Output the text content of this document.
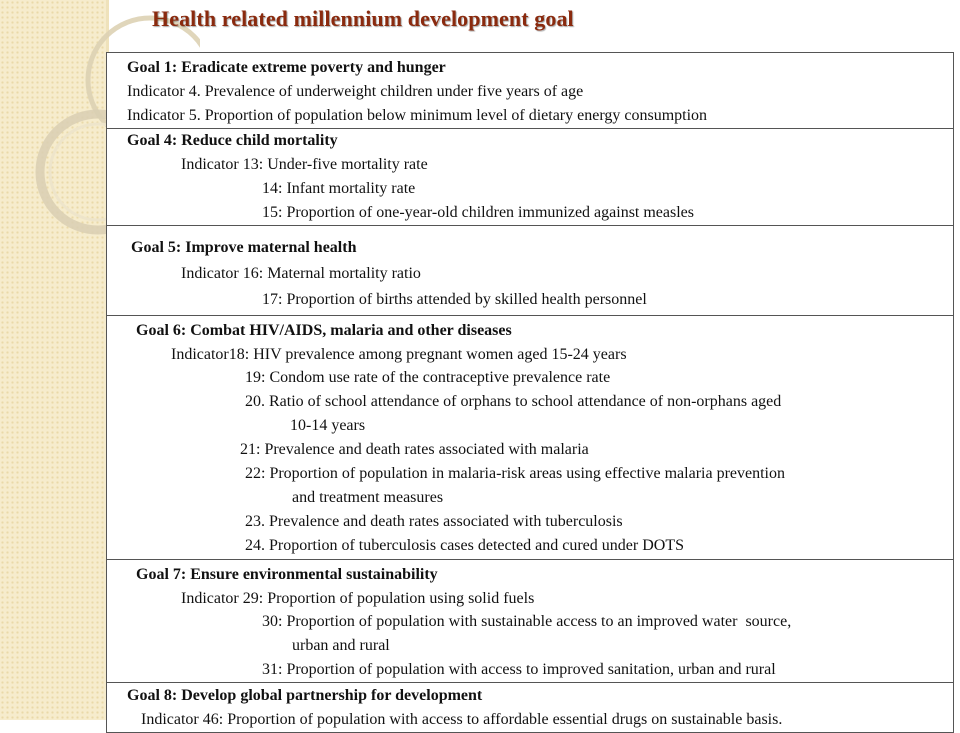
Health related millennium development goal
Goal 1: Eradicate extreme poverty and hunger
Indicator 4. Prevalence of underweight children under five years of age
Indicator 5. Proportion of population below minimum level of dietary energy consumption

Goal 4: Reduce child mortality
Indicator 13: Under-five mortality rate
14: Infant mortality rate
15: Proportion of one-year-old children immunized against measles

Goal 5: Improve maternal health
Indicator 16: Maternal mortality ratio
17: Proportion of births attended by skilled health personnel

Goal 6: Combat HIV/AIDS, malaria and other diseases
Indicator18: HIV prevalence among pregnant women aged 15-24 years
19: Condom use rate of the contraceptive prevalence rate
20. Ratio of school attendance of orphans to school attendance of non-orphans aged
10-14 years
21: Prevalence and death rates associated with malaria
22: Proportion of population in malaria-risk areas using effective malaria prevention
and treatment measures
23. Prevalence and death rates associated with tuberculosis
24. Proportion of tuberculosis cases detected and cured under DOTS

Goal 7: Ensure environmental sustainability
Indicator 29: Proportion of population using solid fuels
30: Proportion of population with sustainable access to an improved water  source,
urban and rural
31: Proportion of population with access to improved sanitation, urban and rural

Goal 8: Develop global partnership for development
Indicator 46: Proportion of population with access to affordable essential drugs on sustainable basis.
